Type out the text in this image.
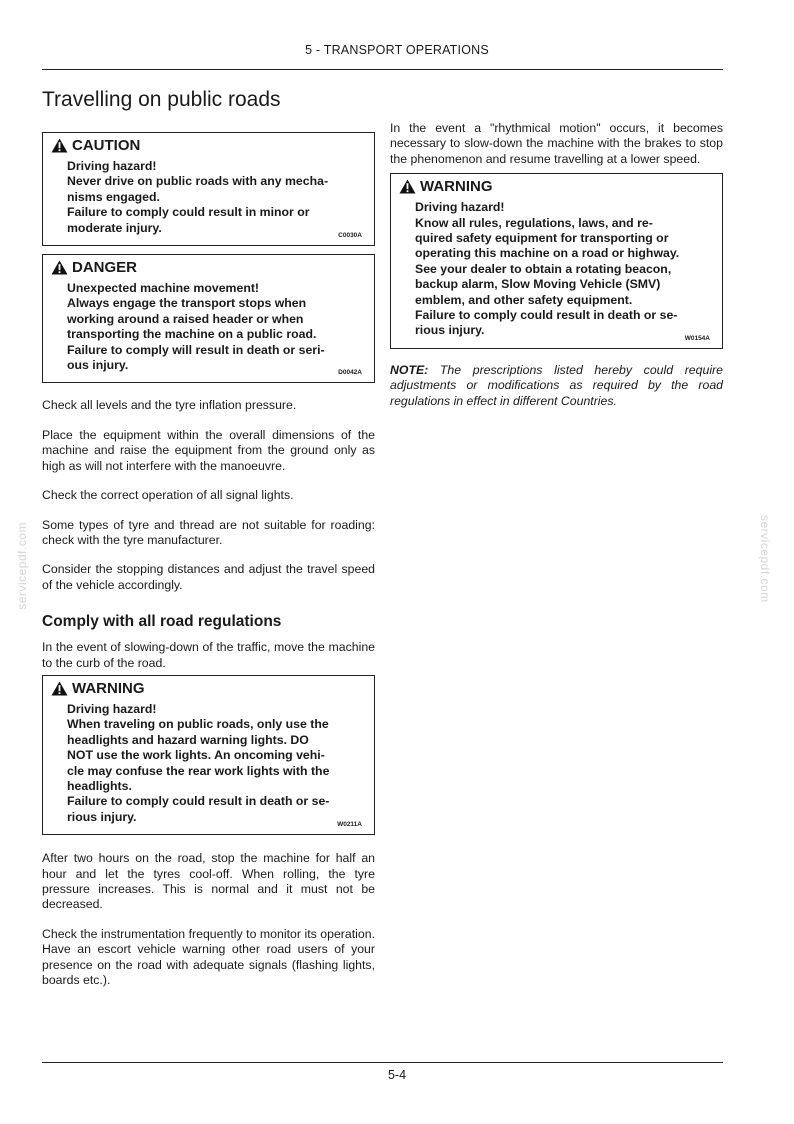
5 - TRANSPORT OPERATIONS
Travelling on public roads
servicepdf.com	servicepdf.com
CAUTION
Driving hazard!
Never drive on public roads with any mecha-
nisms engaged.
Failure to comply could result in minor or
moderate injury.
C0030A
DANGER
Unexpected machine movement!
Always engage the transport stops when
working around a raised header or when
transporting the machine on a public road.
Failure to comply will result in death or seri-
ous injury.
D0042A

Check all levels and the tyre inflation pressure.

Place the equipment within the overall dimensions of the machine and raise the equipment from the ground only as high as will not interfere with the manoeuvre.

Check the correct operation of all signal lights.

Some types of tyre and thread are not suitable for roading: check with the tyre manufacturer.

Consider the stopping distances and adjust the travel speed of the vehicle accordingly.

Comply with all road regulations

In the event of slowing-down of the traffic, move the machine to the curb of the road.

WARNING
Driving hazard!
When traveling on public roads, only use the
headlights and hazard warning lights. DO
NOT use the work lights. An oncoming vehi-
cle may confuse the rear work lights with the
headlights.
Failure to comply could result in death or se-
rious injury.
W0211A

After two hours on the road, stop the machine for half an hour and let the tyres cool-off. When rolling, the tyre pressure increases. This is normal and it must not be decreased.

Check the instrumentation frequently to monitor its operation. Have an escort vehicle warning other road users of your presence on the road with adequate signals (flashing lights, boards etc.).

In the event a "rhythmical motion" occurs, it becomes necessary to slow-down the machine with the brakes to stop the phenomenon and resume travelling at a lower speed.

WARNING
Driving hazard!
Know all rules, regulations, laws, and re-
quired safety equipment for transporting or
operating this machine on a road or highway.
See your dealer to obtain a rotating beacon,
backup alarm, Slow Moving Vehicle (SMV)
emblem, and other safety equipment.
Failure to comply could result in death or se-
rious injury.
W0154A

NOTE: The prescriptions listed hereby could require adjustments or modifications as required by the road regulations in effect in different Countries.

5-4
